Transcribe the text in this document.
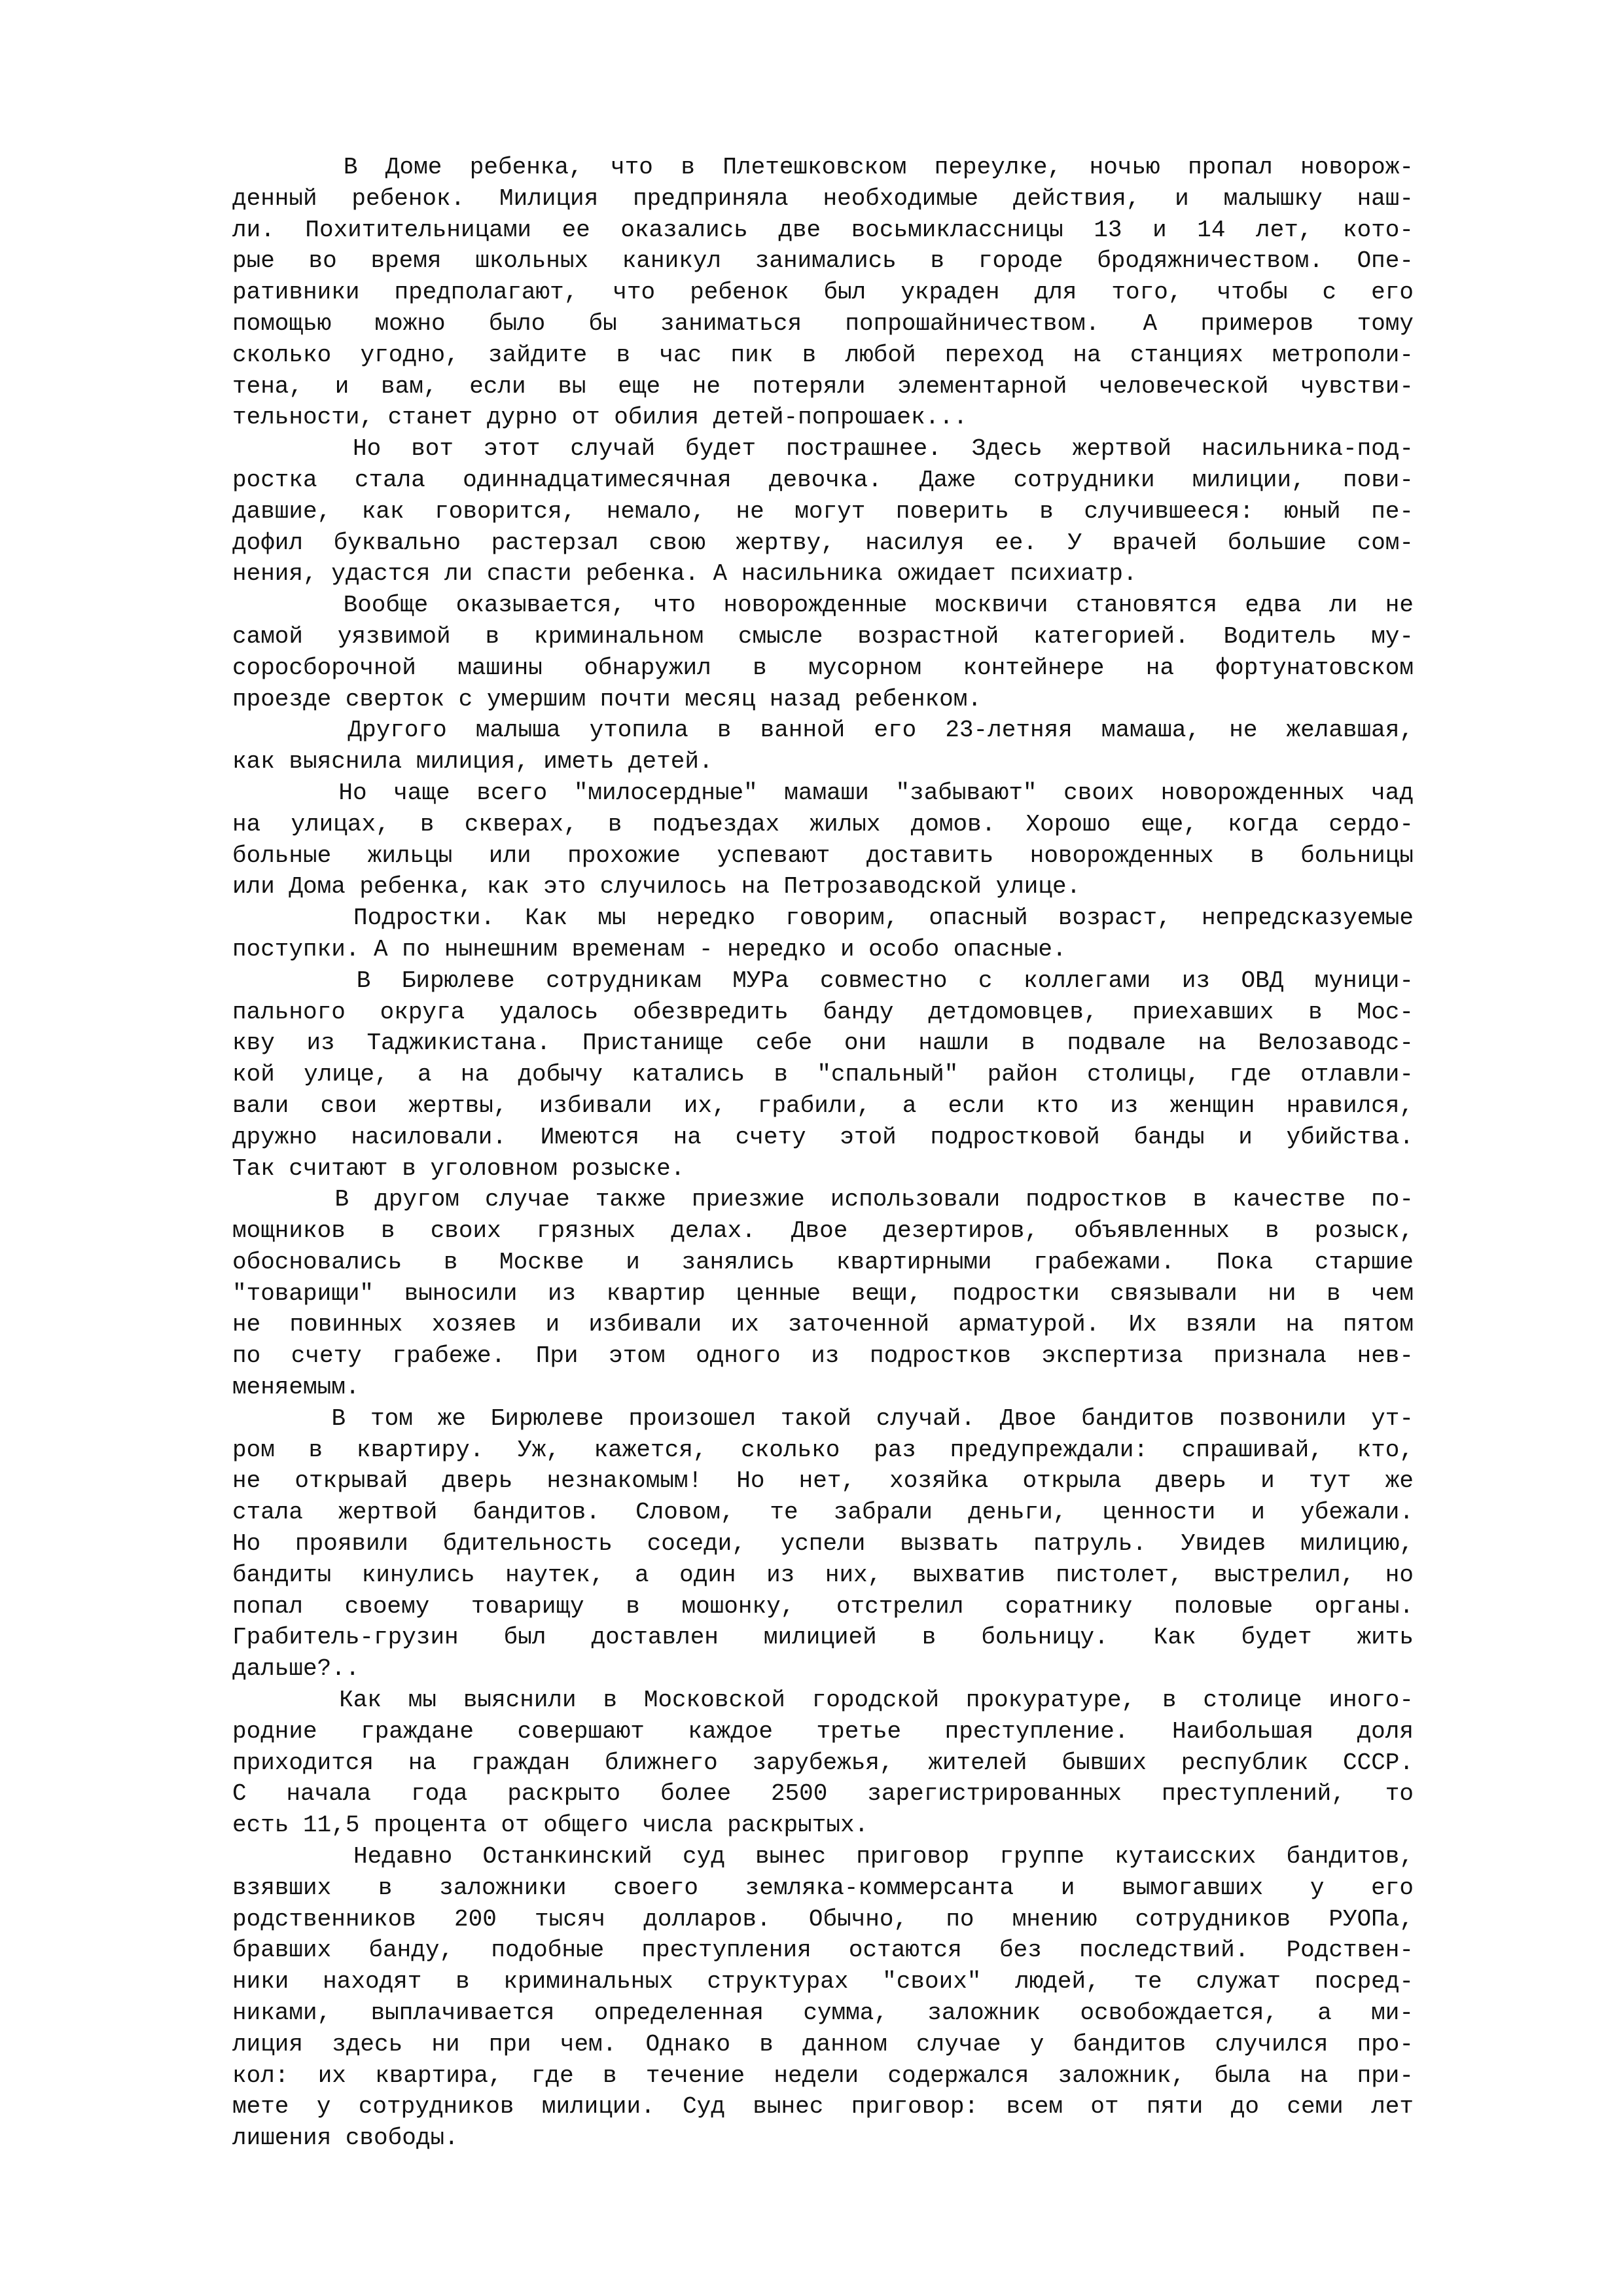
В Доме ребенка, что в Плетешковском переулке, ночью пропал новорож-
денный ребенок. Милиция предприняла необходимые действия, и малышку наш-
ли. Похитительницами ее оказались две восьмиклассницы 13 и 14 лет, кото-
рые во время школьных каникул занимались в городе бродяжничеством. Опе-
ративники предполагают, что ребенок был украден для того, чтобы с его
помощью можно было бы заниматься попрошайничеством. А примеров тому
сколько угодно, зайдите в час пик в любой переход на станциях метрополи-
тена, и вам, если вы еще не потеряли элементарной человеческой чувстви-
тельности, станет дурно от обилия детей-попрошаек...
Но вот этот случай будет пострашнее. Здесь жертвой насильника-под-
ростка стала одиннадцатимесячная девочка. Даже сотрудники милиции, пови-
давшие, как говорится, немало, не могут поверить в случившееся: юный пе-
дофил буквально растерзал свою жертву, насилуя ее. У врачей большие сом-
нения, удастся ли спасти ребенка. А насильника ожидает психиатр.
Вообще оказывается, что новорожденные москвичи становятся едва ли не
самой уязвимой в криминальном смысле возрастной категорией. Водитель му-
соросборочной машины обнаружил в мусорном контейнере на фортунатовском
проезде сверток с умершим почти месяц назад ребенком.
Другого малыша утопила в ванной его 23-летняя мамаша, не желавшая,
как выяснила милиция, иметь детей.
Но чаще всего "милосердные" мамаши "забывают" своих новорожденных чад
на улицах, в скверах, в подъездах жилых домов. Хорошо еще, когда сердо-
больные жильцы или прохожие успевают доставить новорожденных в больницы
или Дома ребенка, как это случилось на Петрозаводской улице.
Подростки. Как мы нередко говорим, опасный возраст, непредсказуемые
поступки. А по нынешним временам - нередко и особо опасные.
В Бирюлеве сотрудникам МУРа совместно с коллегами из ОВД муници-
пального округа удалось обезвредить банду детдомовцев, приехавших в Мос-
кву из Таджикистана. Пристанище себе они нашли в подвале на Велозаводс-
кой улице, а на добычу катались в "спальный" район столицы, где отлавли-
вали свои жертвы, избивали их, грабили, а если кто из женщин нравился,
дружно насиловали. Имеются на счету этой подростковой банды и убийства.
Так считают в уголовном розыске.
В другом случае также приезжие использовали подростков в качестве по-
мощников в своих грязных делах. Двое дезертиров, объявленных в розыск,
обосновались в Москве и занялись квартирными грабежами. Пока старшие
"товарищи" выносили из квартир ценные вещи, подростки связывали ни в чем
не повинных хозяев и избивали их заточенной арматурой. Их взяли на пятом
по счету грабеже. При этом одного из подростков экспертиза признала нев-
меняемым.
В том же Бирюлеве произошел такой случай. Двое бандитов позвонили ут-
ром в квартиру. Уж, кажется, сколько раз предупреждали: спрашивай, кто,
не открывай дверь незнакомым! Но нет, хозяйка открыла дверь и тут же
стала жертвой бандитов. Словом, те забрали деньги, ценности и убежали.
Но проявили бдительность соседи, успели вызвать патруль. Увидев милицию,
бандиты кинулись наутек, а один из них, выхватив пистолет, выстрелил, но
попал своему товарищу в мошонку, отстрелил соратнику половые органы.
Грабитель-грузин был доставлен милицией в больницу. Как будет жить
дальше?..
Как мы выяснили в Московской городской прокуратуре, в столице иного-
родние граждане совершают каждое третье преступление. Наибольшая доля
приходится на граждан ближнего зарубежья, жителей бывших республик СССР.
С начала года раскрыто более 2500 зарегистрированных преступлений, то
есть 11,5 процента от общего числа раскрытых.
Недавно Останкинский суд вынес приговор группе кутаисских бандитов,
взявших в заложники своего земляка-коммерсанта и вымогавших у его
родственников 200 тысяч долларов. Обычно, по мнению сотрудников РУОПа,
бравших банду, подобные преступления остаются без последствий. Родствен-
ники находят в криминальных структурах "своих" людей, те служат посред-
никами, выплачивается определенная сумма, заложник освобождается, а ми-
лиция здесь ни при чем. Однако в данном случае у бандитов случился про-
кол: их квартира, где в течение недели содержался заложник, была на при-
мете у сотрудников милиции. Суд вынес приговор: всем от пяти до семи лет
лишения свободы.
